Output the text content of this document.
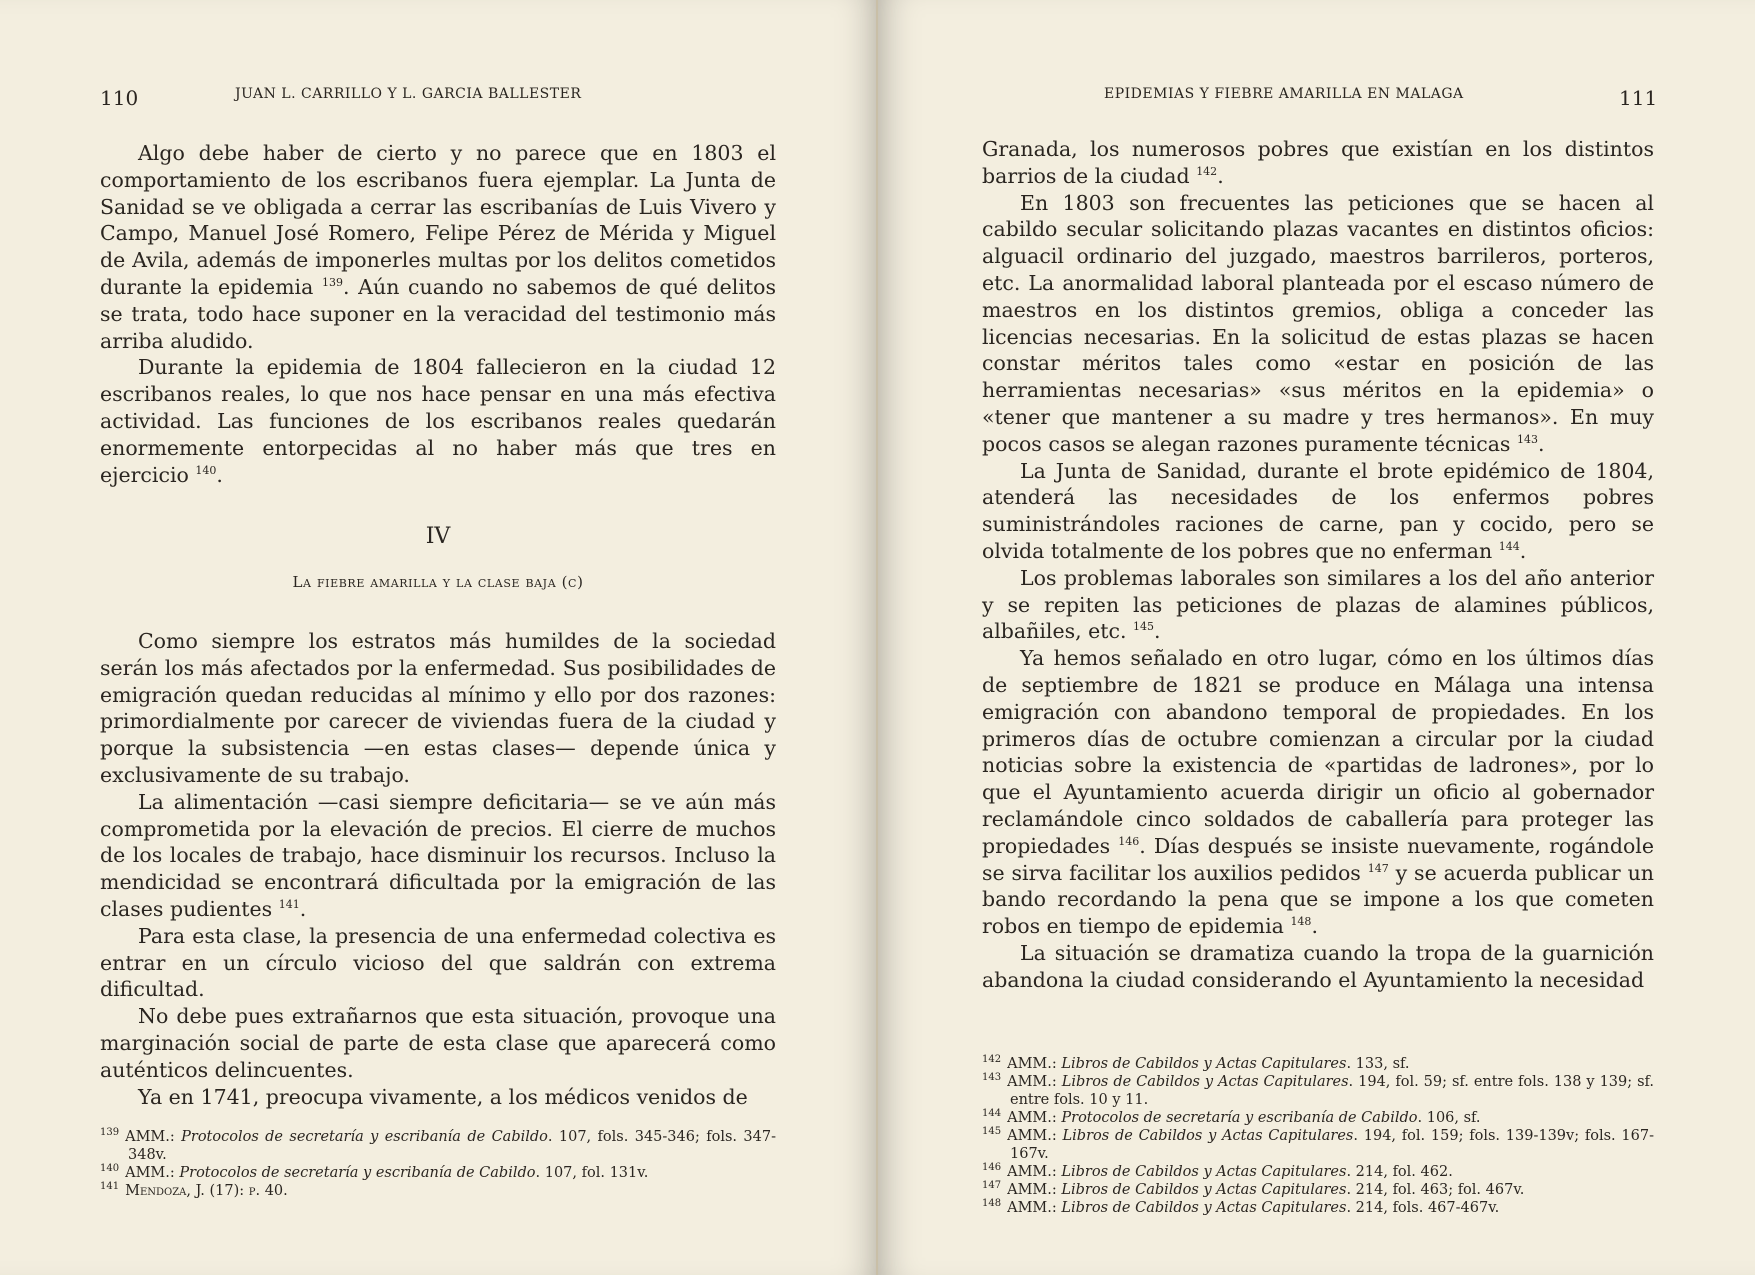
110	JUAN L. CARRILLO Y L. GARCIA BALLESTER

Algo debe haber de cierto y no parece que en 1803 el comportamiento de los escribanos fuera ejemplar. La Junta de Sanidad se ve obligada a cerrar las escribanías de Luis Vivero y Campo, Manuel José Romero, Felipe Pérez de Mérida y Miguel de Avila, además de imponerles multas por los delitos cometidos durante la epidemia $^{139}$. Aún cuando no sabemos de qué delitos se trata, todo hace suponer en la veracidad del testimonio más arriba aludido.

Durante la epidemia de 1804 fallecieron en la ciudad 12 escribanos reales, lo que nos hace pensar en una más efectiva actividad. Las funciones de los escribanos reales quedarán enormemente entorpecidas al no haber más que tres en ejercicio $^{140}$.

IV
La fiebre amarilla y la clase baja (c)

Como siempre los estratos más humildes de la sociedad serán los más afectados por la enfermedad. Sus posibilidades de emigración quedan reducidas al mínimo y ello por dos razones: primordialmente por carecer de viviendas fuera de la ciudad y porque la subsistencia —en estas clases— depende única y exclusivamente de su trabajo.

La alimentación —casi siempre deficitaria— se ve aún más comprometida por la elevación de precios. El cierre de muchos de los locales de trabajo, hace disminuir los recursos. Incluso la mendicidad se encontrará dificultada por la emigración de las clases pudientes $^{141}$.

Para esta clase, la presencia de una enfermedad colectiva es entrar en un círculo vicioso del que saldrán con extrema dificultad.

No debe pues extrañarnos que esta situación, provoque una marginación social de parte de esta clase que aparecerá como auténticos delincuentes.

Ya en 1741, preocupa vivamente, a los médicos venidos de

$^{139}$ AMM.: Protocolos de secretaría y escribanía de Cabildo. 107, fols. 345-346; fols. 347-348v.

$^{140}$ AMM.: Protocolos de secretaría y escribanía de Cabildo. 107, fol. 131v.

$^{141}$ Mendoza, J. (17): p. 40.

EPIDEMIAS Y FIEBRE AMARILLA EN MALAGA	111

Granada, los numerosos pobres que existían en los distintos barrios de la ciudad $^{142}$.

En 1803 son frecuentes las peticiones que se hacen al cabildo secular solicitando plazas vacantes en distintos oficios: alguacil ordinario del juzgado, maestros barrileros, porteros, etc. La anormalidad laboral planteada por el escaso número de maestros en los distintos gremios, obliga a conceder las licencias necesarias. En la solicitud de estas plazas se hacen constar méritos tales como «estar en posición de las herramientas necesarias» «sus méritos en la epidemia» o «tener que mantener a su madre y tres hermanos». En muy pocos casos se alegan razones puramente técnicas $^{143}$.

La Junta de Sanidad, durante el brote epidémico de 1804, atenderá las necesidades de los enfermos pobres suministrándoles raciones de carne, pan y cocido, pero se olvida totalmente de los pobres que no enferman $^{144}$.

Los problemas laborales son similares a los del año anterior y se repiten las peticiones de plazas de alamines públicos, albañiles, etc. $^{145}$.

Ya hemos señalado en otro lugar, cómo en los últimos días de septiembre de 1821 se produce en Málaga una intensa emigración con abandono temporal de propiedades. En los primeros días de octubre comienzan a circular por la ciudad noticias sobre la existencia de «partidas de ladrones», por lo que el Ayuntamiento acuerda dirigir un oficio al gobernador reclamándole cinco soldados de caballería para proteger las propiedades $^{146}$. Días después se insiste nuevamente, rogándole se sirva facilitar los auxilios pedidos $^{147}$ y se acuerda publicar un bando recordando la pena que se impone a los que cometen robos en tiempo de epidemia $^{148}$.

La situación se dramatiza cuando la tropa de la guarnición abandona la ciudad considerando el Ayuntamiento la necesidad

$^{142}$ AMM.: Libros de Cabildos y Actas Capitulares. 133, sf.

$^{143}$ AMM.: Libros de Cabildos y Actas Capitulares. 194, fol. 59; sf. entre fols. 138 y 139; sf. entre fols. 10 y 11.

$^{144}$ AMM.: Protocolos de secretaría y escribanía de Cabildo. 106, sf.

$^{145}$ AMM.: Libros de Cabildos y Actas Capitulares. 194, fol. 159; fols. 139-139v; fols. 167-167v.

$^{146}$ AMM.: Libros de Cabildos y Actas Capitulares. 214, fol. 462.

$^{147}$ AMM.: Libros de Cabildos y Actas Capitulares. 214, fol. 463; fol. 467v.

$^{148}$ AMM.: Libros de Cabildos y Actas Capitulares. 214, fols. 467-467v.
